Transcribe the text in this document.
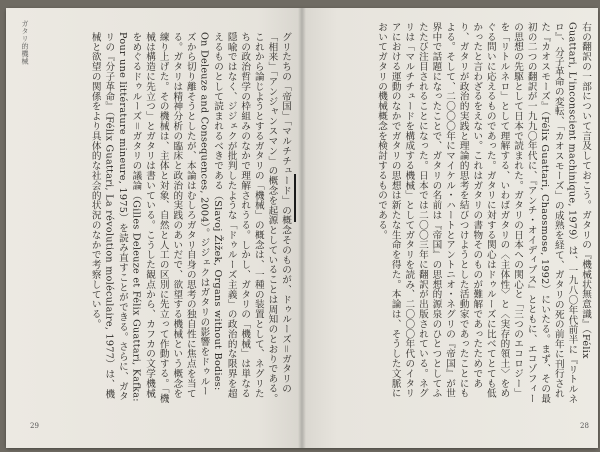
ガタリ的機械	グリたちの「帝国」「マルチチュード」の概念そのものが、ドゥルーズ＝ガタリの「相来」「アンジャンスマン」の概念を起源としていることは周知のとおりである。これから論じようとするガタリの「機械」の概念は、一種の装置として、ネグリたちの政治哲学の枠組みのなかで理解されうる。しかし、ガタリの「機械」は単なる隠喩ではなく、ジジェクが批判したような「ドゥルーズ主義」の政治的な限界を超えるものとして読まれるべきである（Slavoj Žižek, Organs without Bodies: On Deleuze and Consequences, 2004）。ジジェクはガタリの影響をドゥルーズから切り離そうとしたが、本論はむしろガタリ自身の思考の独自性に焦点を当てる。ガタリは精神分析の臨床と政治的実践のあいだで、欲望する機械という概念を練り上げた。その機械は、主体と対象、自然と人工の区別に先立って作動する。「機械は構造に先立つ」とガタリは書いている。こうした観点から、カフカの文学機械をめぐるドゥルーズ＝ガタリの議論（Gilles Deleuze et Félix Guattari, Kafka: Pour une littérature mineure, 1975）を読み直すことができる。さらに、ガタリの『分子革命』（Félix Guattari, La révolution moléculaire, 1977）は、機械と欲望の関係をより具体的な社会的状況のなかで考察している。
29
右の翻訳の一部について言及しておこう。ガタリの『機械状無意識』（Félix Guattari, L'inconscient machinique, 1979）は、一九八〇年代前半に『リトルネロ』、分子革命の変転、「カオスモーズ」の成熟を経て、ガタリの死の前年に刊行された『カオスモーズ』（Félix Guattari, Chaosmose, 1992）にいたる。まず、その最初の二つの翻訳が一九九〇年代に、『アンチ・オイディプス』とともに、エコゾフィーの思想の先駆として日本で読まれた。ガタリの日本への関心と「三つのエコロジー」を「リトルネロ」として理解する、いわばガタリの〈主体性〉と〈実存的領土〉をめぐる問いに応えるものであった。ガタリに対する関心はドゥルーズに比べてとても低かったと言わざるをえない。これはガタリの書物そのものが難解であったためであり、ガタリが政治的実践と理論的思考を結びつけようとした活動家であったことにもよる。そして、二〇〇〇年にマイケル・ハートとアントニオ・ネグリの『帝国』が世界中で話題になったことで、ガタリの名前は『帝国』の思想的源泉のひとつとしてふたたび注目されることになった。日本では二〇〇三年に翻訳が出版されている。ネグリは「マルチチュードを構成する機械」としてガタリを読み、二〇〇〇年代のイタリアにおける運動のなかでガタリの思想は新たな生命を得た。本論は、そうした文脈においてガタリの機械概念を検討するものである。
28
